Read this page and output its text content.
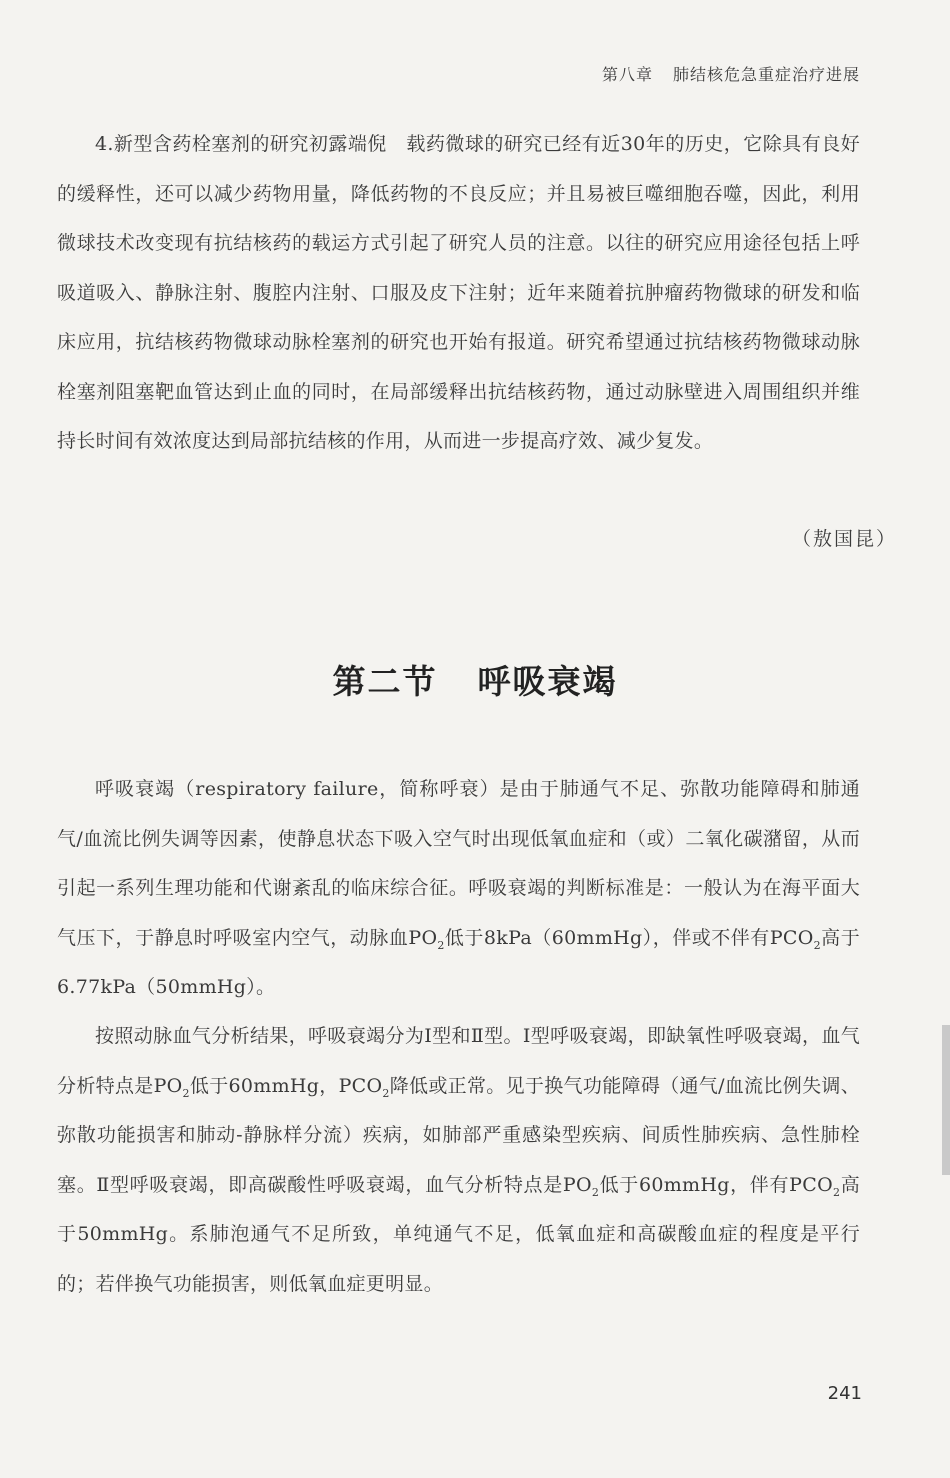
第八章 肺结核危急重症治疗进展
4.新型含药栓塞剂的研究初露端倪　载药微球的研究已经有近30年的历史，它除具有良好的缓释性，还可以减少药物用量，降低药物的不良反应；并且易被巨噬细胞吞噬，因此，利用微球技术改变现有抗结核药的载运方式引起了研究人员的注意。以往的研究应用途径包括上呼吸道吸入、静脉注射、腹腔内注射、口服及皮下注射；近年来随着抗肿瘤药物微球的研发和临床应用，抗结核药物微球动脉栓塞剂的研究也开始有报道。研究希望通过抗结核药物微球动脉栓塞剂阻塞靶血管达到止血的同时，在局部缓释出抗结核药物，通过动脉壁进入周围组织并维持长时间有效浓度达到局部抗结核的作用，从而进一步提高疗效、减少复发。
（敖国昆）
第二节 呼吸衰竭
呼吸衰竭（respiratory failure，简称呼衰）是由于肺通气不足、弥散功能障碍和肺通气/血流比例失调等因素，使静息状态下吸入空气时出现低氧血症和（或）二氧化碳潴留，从而引起一系列生理功能和代谢紊乱的临床综合征。呼吸衰竭的判断标准是：一般认为在海平面大气压下，于静息时呼吸室内空气，动脉血$PO_2$低于8kPa（60mmHg），伴或不伴有$PCO_2$高于6.77kPa（50mmHg）。
按照动脉血气分析结果，呼吸衰竭分为Ⅰ型和Ⅱ型。Ⅰ型呼吸衰竭，即缺氧性呼吸衰竭，血气分析特点是$PO_2$低于60mmHg，$PCO_2$降低或正常。见于换气功能障碍（通气/血流比例失调、弥散功能损害和肺动-静脉样分流）疾病，如肺部严重感染型疾病、间质性肺疾病、急性肺栓塞。Ⅱ型呼吸衰竭，即高碳酸性呼吸衰竭，血气分析特点是$PO_2$低于60mmHg，伴有$PCO_2$高于50mmHg。系肺泡通气不足所致，单纯通气不足，低氧血症和高碳酸血症的程度是平行的；若伴换气功能损害，则低氧血症更明显。
241
